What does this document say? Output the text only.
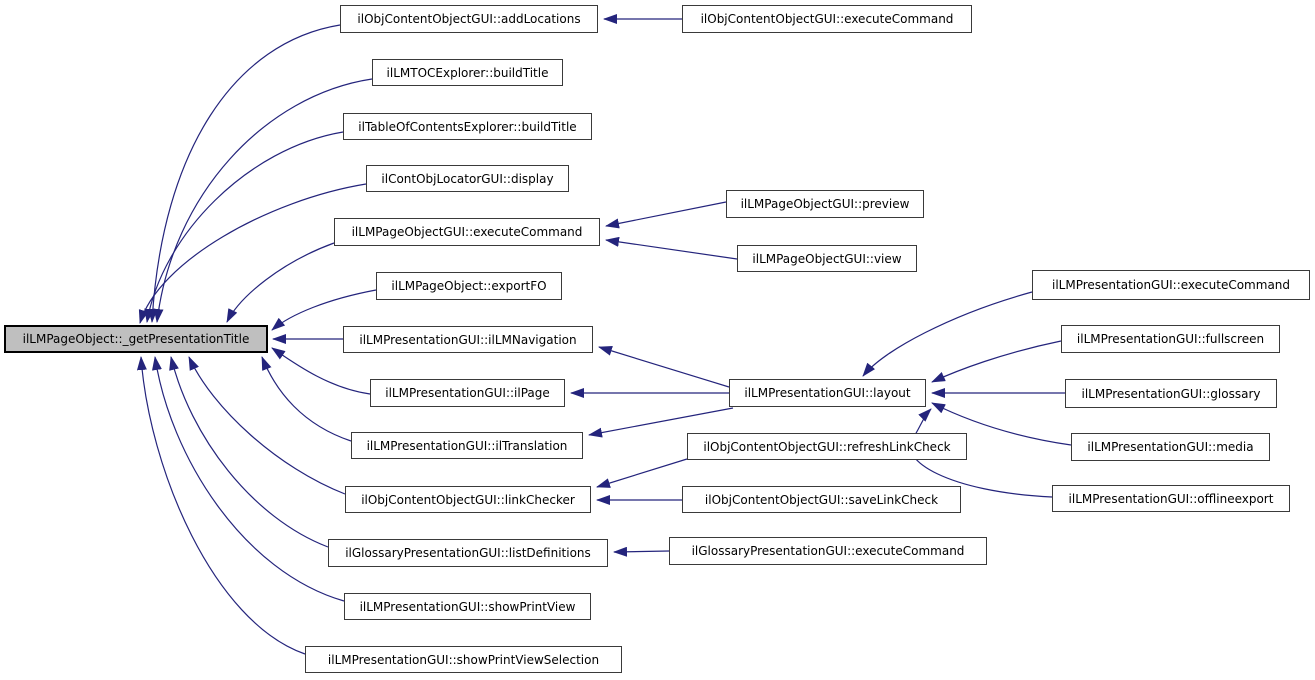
ilLMPageObject::_getPresentationTitle
ilObjContentObjectGUI::addLocations	ilObjContentObjectGUI::executeCommand
ilLMTOCExplorer::buildTitle
ilTableOfContentsExplorer::buildTitle
ilContObjLocatorGUI::display
ilLMPageObjectGUI::executeCommand
ilLMPageObjectGUI::preview
ilLMPageObjectGUI::view
ilLMPageObject::exportFO
ilLMPresentationGUI::ilLMNavigation
ilLMPresentationGUI::ilPage	ilLMPresentationGUI::layout
ilLMPresentationGUI::ilTranslation	ilObjContentObjectGUI::refreshLinkCheck
ilObjContentObjectGUI::linkChecker	ilObjContentObjectGUI::saveLinkCheck
ilGlossaryPresentationGUI::listDefinitions	ilGlossaryPresentationGUI::executeCommand
ilLMPresentationGUI::showPrintView
ilLMPresentationGUI::showPrintViewSelection
ilLMPresentationGUI::executeCommand
ilLMPresentationGUI::fullscreen
ilLMPresentationGUI::glossary
ilLMPresentationGUI::media
ilLMPresentationGUI::offlineexport
